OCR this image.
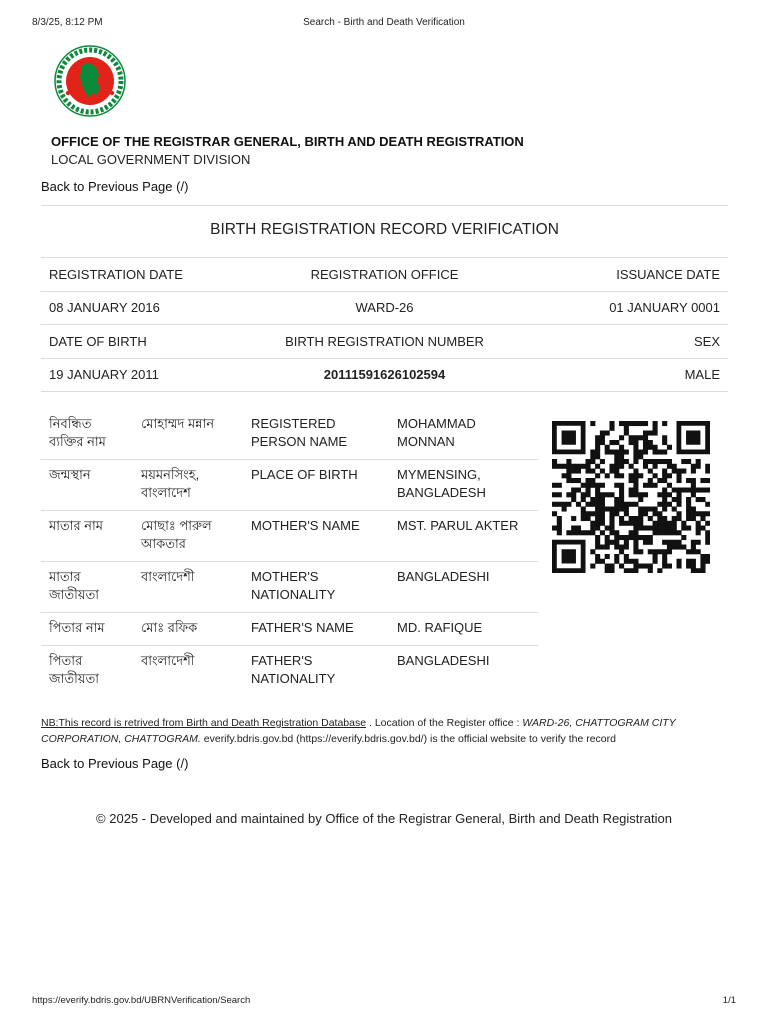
8/3/25, 8:12 PM	Search - Birth and Death Verification
OFFICE OF THE REGISTRAR GENERAL, BIRTH AND DEATH REGISTRATION
LOCAL GOVERNMENT DIVISION
Back to Previous Page (/)
BIRTH REGISTRATION RECORD VERIFICATION
REGISTRATION DATE	REGISTRATION OFFICE	ISSUANCE DATE
08 JANUARY 2016	WARD-26	01 JANUARY 0001
DATE OF BIRTH	BIRTH REGISTRATION NUMBER	SEX
19 JANUARY 2011	20111591626102594	MALE
নিবন্ধিত ব্যক্তির নাম	মোহাম্মদ মন্নান	REGISTERED PERSON NAME	MOHAMMAD MONNAN
জন্মস্থান	ময়মনসিংহ, বাংলাদেশ	PLACE OF BIRTH	MYMENSING, BANGLADESH
মাতার নাম	মোছাঃ পারুল আকতার	MOTHER'S NAME	MST. PARUL AKTER
মাতার জাতীয়তা	বাংলাদেশী	MOTHER'S NATIONALITY	BANGLADESHI
পিতার নাম	মোঃ রফিক	FATHER'S NAME	MD. RAFIQUE
পিতার জাতীয়তা	বাংলাদেশী	FATHER'S NATIONALITY	BANGLADESHI
NB:This record is retrived from Birth and Death Registration Database . Location of the Register office : WARD-26, CHATTOGRAM CITY CORPORATION, CHATTOGRAM. everify.bdris.gov.bd (https://everify.bdris.gov.bd/) is the official website to verify the record
Back to Previous Page (/)
© 2025 - Developed and maintained by Office of the Registrar General, Birth and Death Registration
https://everify.bdris.gov.bd/UBRNVerification/Search	1/1
